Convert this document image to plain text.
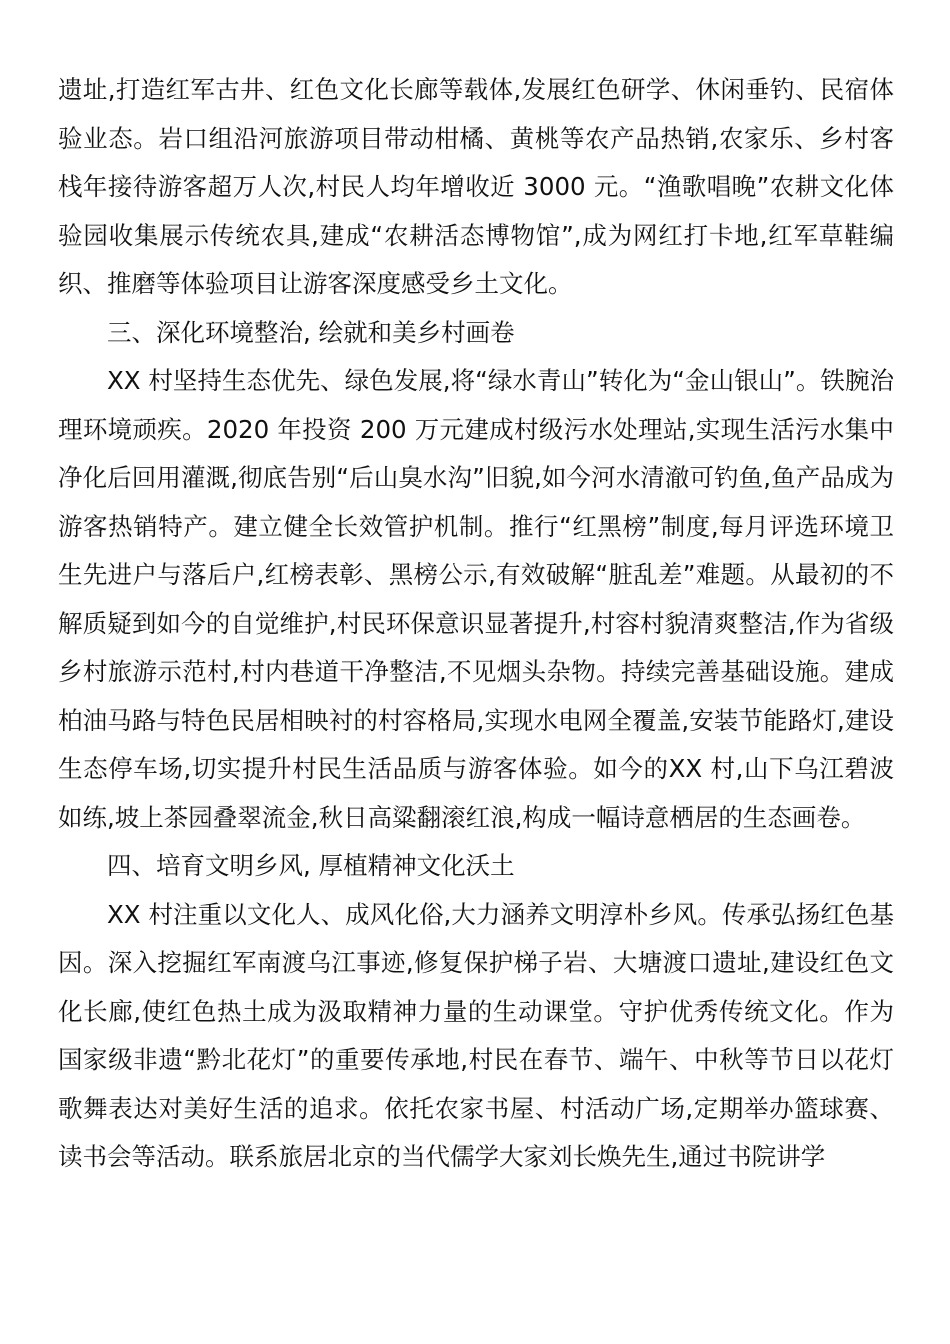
遗址,打造红军古井、红色文化长廊等载体,发展红色研学、休闲垂钓、民宿体验业态。岩口组沿河旅游项目带动柑橘、黄桃等农产品热销,农家乐、乡村客栈年接待游客超万人次,村民人均年增收近 3000 元。“渔歌唱晚”农耕文化体验园收集展示传统农具,建成“农耕活态博物馆”,成为网红打卡地,红军草鞋编织、推磨等体验项目让游客深度感受乡土文化。

三、深化环境整治, 绘就和美乡村画卷

XX 村坚持生态优先、绿色发展,将“绿水青山”转化为“金山银山”。铁腕治理环境顽疾。2020 年投资 200 万元建成村级污水处理站,实现生活污水集中净化后回用灌溉,彻底告别“后山臭水沟”旧貌,如今河水清澈可钓鱼,鱼产品成为游客热销特产。建立健全长效管护机制。推行“红黑榜”制度,每月评选环境卫生先进户与落后户,红榜表彰、黑榜公示,有效破解“脏乱差”难题。从最初的不解质疑到如今的自觉维护,村民环保意识显著提升,村容村貌清爽整洁,作为省级乡村旅游示范村,村内巷道干净整洁,不见烟头杂物。持续完善基础设施。建成柏油马路与特色民居相映衬的村容格局,实现水电网全覆盖,安装节能路灯,建设生态停车场,切实提升村民生活品质与游客体验。如今的XX 村,山下乌江碧波如练,坡上茶园叠翠流金,秋日高粱翻滚红浪,构成一幅诗意栖居的生态画卷。

四、培育文明乡风, 厚植精神文化沃土

XX 村注重以文化人、成风化俗,大力涵养文明淳朴乡风。传承弘扬红色基因。深入挖掘红军南渡乌江事迹,修复保护梯子岩、大塘渡口遗址,建设红色文化长廊,使红色热土成为汲取精神力量的生动课堂。守护优秀传统文化。作为国家级非遗“黔北花灯”的重要传承地,村民在春节、端午、中秋等节日以花灯歌舞表达对美好生活的追求。依托农家书屋、村活动广场,定期举办篮球赛、读书会等活动。联系旅居北京的当代儒学大家刘长焕先生,通过书院讲学
